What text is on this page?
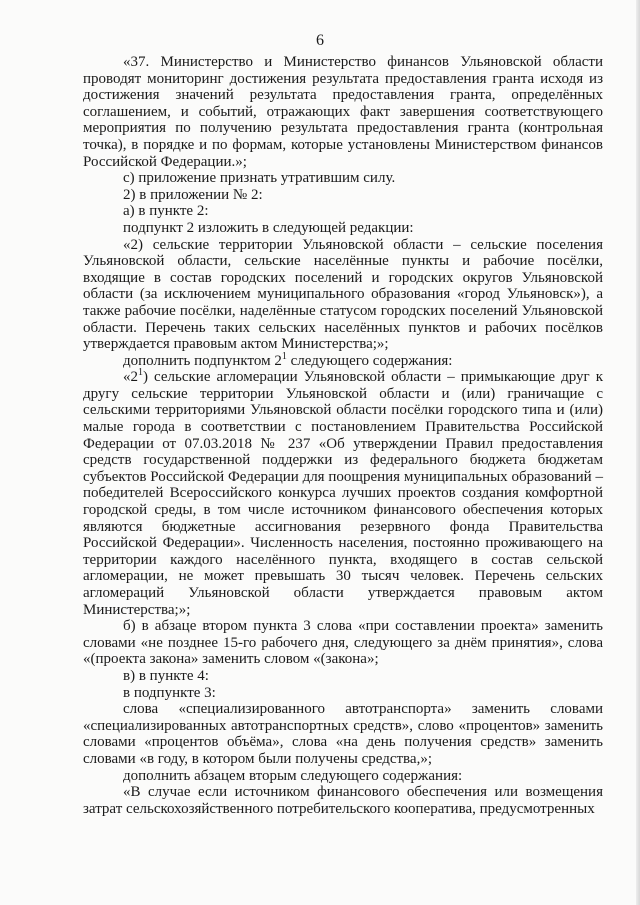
6

«37. Министерство и Министерство финансов Ульяновской области проводят мониторинг достижения результата предоставления гранта исходя из достижения значений результата предоставления гранта, определённых соглашением, и событий, отражающих факт завершения соответствующего мероприятия по получению результата предоставления гранта (контрольная точка), в порядке и по формам, которые установлены Министерством финансов Российской Федерации.»;

с) приложение признать утратившим силу.

2) в приложении № 2:

а) в пункте 2:

подпункт 2 изложить в следующей редакции:

«2) сельские территории Ульяновской области – сельские поселения Ульяновской области, сельские населённые пункты и рабочие посёлки, входящие в состав городских поселений и городских округов Ульяновской области (за исключением муниципального образования «город Ульяновск»), а также рабочие посёлки, наделённые статусом городских поселений Ульяновской области. Перечень таких сельских населённых пунктов и рабочих посёлков утверждается правовым актом Министерства;»;

дополнить подпунктом $2^1$ следующего содержания:

«$2^1$) сельские агломерации Ульяновской области – примыкающие друг к другу сельские территории Ульяновской области и (или) граничащие с сельскими территориями Ульяновской области посёлки городского типа и (или) малые города в соответствии с постановлением Правительства Российской Федерации от 07.03.2018 № 237 «Об утверждении Правил предоставления средств государственной поддержки из федерального бюджета бюджетам субъектов Российской Федерации для поощрения муниципальных образований – победителей Всероссийского конкурса лучших проектов создания комфортной городской среды, в том числе источником финансового обеспечения которых являются бюджетные ассигнования резервного фонда Правительства Российской Федерации». Численность населения, постоянно проживающего на территории каждого населённого пункта, входящего в состав сельской агломерации, не может превышать 30 тысяч человек. Перечень сельских агломераций Ульяновской области утверждается правовым актом Министерства;»;

б) в абзаце втором пункта 3 слова «при составлении проекта» заменить словами «не позднее 15-го рабочего дня, следующего за днём принятия», слова «(проекта закона» заменить словом «(закона»;

в) в пункте 4:

в подпункте 3:

слова «специализированного автотранспорта» заменить словами «специализированных автотранспортных средств», слово «процентов» заменить словами «процентов объёма», слова «на день получения средств» заменить словами «в году, в котором были получены средства,»;

дополнить абзацем вторым следующего содержания:

«В случае если источником финансового обеспечения или возмещения затрат сельскохозяйственного потребительского кооператива, предусмотренных
